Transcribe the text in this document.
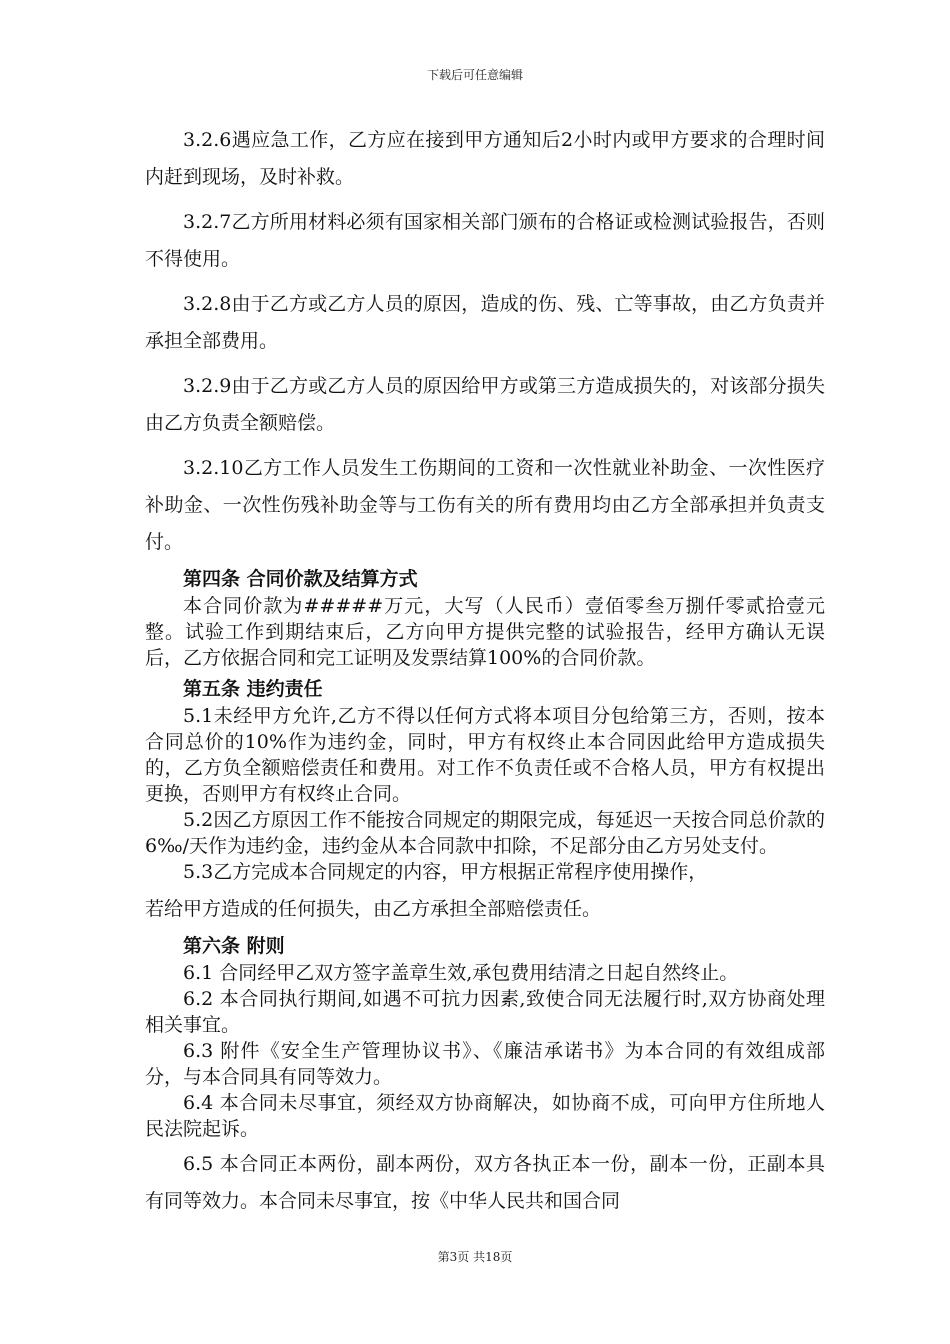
下载后可任意编辑

3.2.6遇应急工作，乙方应在接到甲方通知后2小时内或甲方要求的合理时间内赶到现场，及时补救。

3.2.7乙方所用材料必须有国家相关部门颁布的合格证或检测试验报告，否则不得使用。

3.2.8由于乙方或乙方人员的原因，造成的伤、残、亡等事故，由乙方负责并承担全部费用。

3.2.9由于乙方或乙方人员的原因给甲方或第三方造成损失的，对该部分损失由乙方负责全额赔偿。

3.2.10乙方工作人员发生工伤期间的工资和一次性就业补助金、一次性医疗补助金、一次性伤残补助金等与工伤有关的所有费用均由乙方全部承担并负责支付。

第四条 合同价款及结算方式

本合同价款为#####万元，大写（人民币）壹佰零叁万捌仟零贰拾壹元整。试验工作到期结束后，乙方向甲方提供完整的试验报告，经甲方确认无误后，乙方依据合同和完工证明及发票结算100%的合同价款。

第五条 违约责任

5.1未经甲方允许,乙方不得以任何方式将本项目分包给第三方，否则，按本合同总价的10%作为违约金，同时，甲方有权终止本合同因此给甲方造成损失的，乙方负全额赔偿责任和费用。对工作不负责任或不合格人员，甲方有权提出更换，否则甲方有权终止合同。

5.2因乙方原因工作不能按合同规定的期限完成，每延迟一天按合同总价款的6‰/天作为违约金，违约金从本合同款中扣除，不足部分由乙方另处支付。

5.3乙方完成本合同规定的内容，甲方根据正常程序使用操作，

若给甲方造成的任何损失，由乙方承担全部赔偿责任。

第六条 附则

6.1 合同经甲乙双方签字盖章生效,承包费用结清之日起自然终止。

6.2 本合同执行期间,如遇不可抗力因素,致使合同无法履行时,双方协商处理相关事宜。

6.3 附件《安全生产管理协议书》、《廉洁承诺书》为本合同的有效组成部分，与本合同具有同等效力。

6.4 本合同未尽事宜，须经双方协商解决，如协商不成，可向甲方住所地人民法院起诉。

6.5 本合同正本两份，副本两份，双方各执正本一份，副本一份，正副本具有同等效力。本合同未尽事宜，按《中华人民共和国合同

第3页 共18页
